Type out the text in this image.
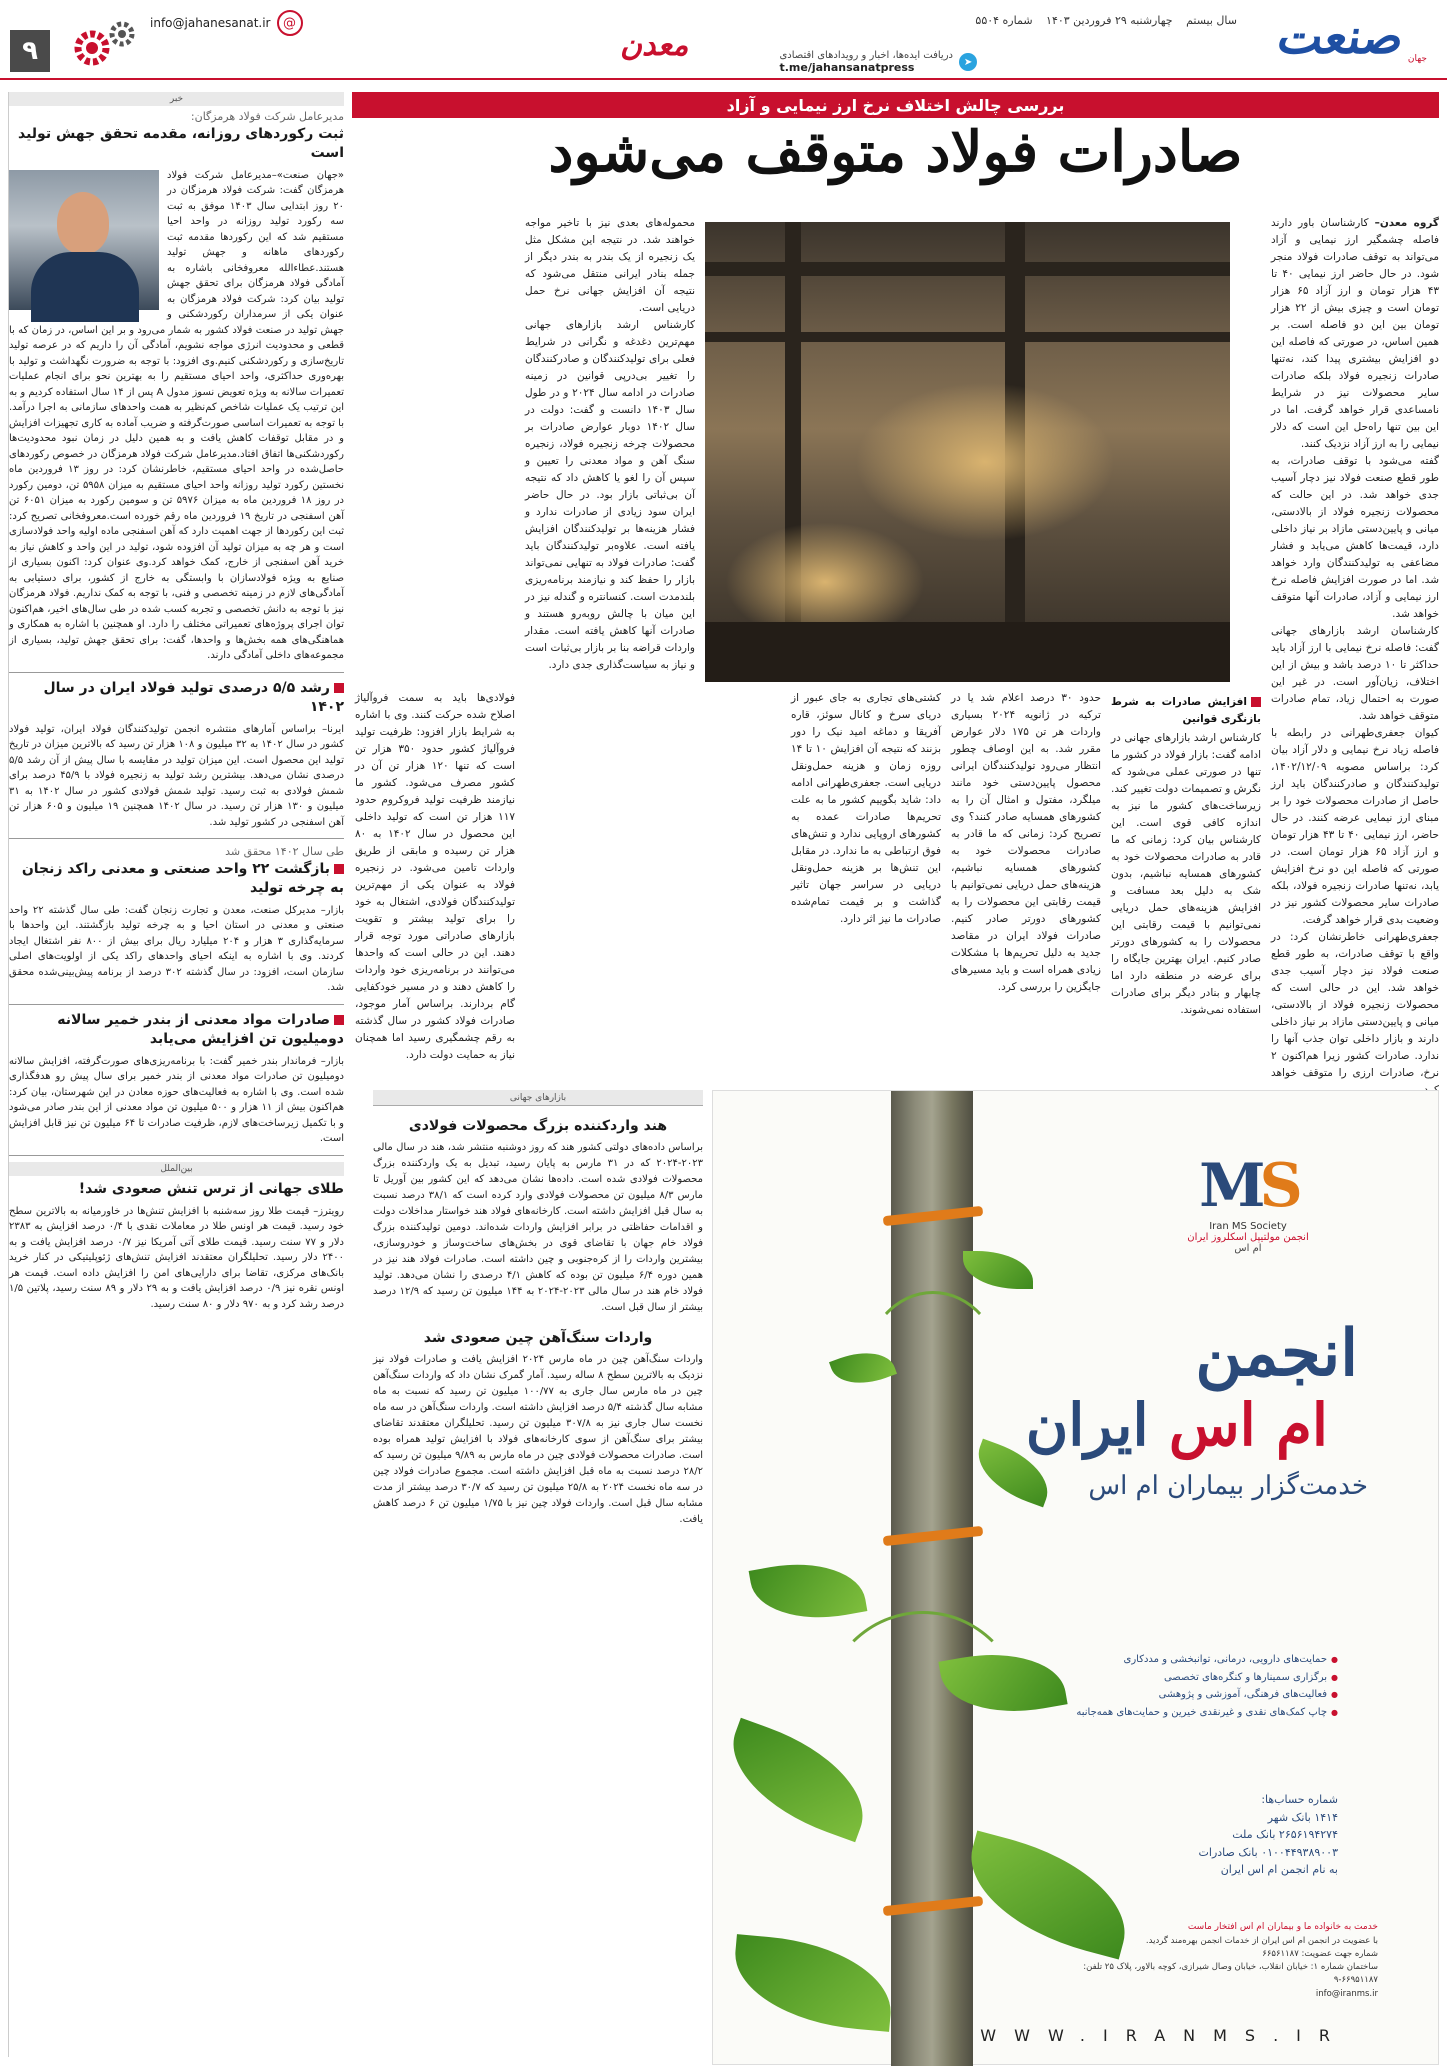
صنعت جهان
سال بیستم چهارشنبه ۲۹ فروردین ۱۴۰۳ شماره ۵۵۰۴
➤
دریافت ایده‌ها، اخبار و رویدادهای اقتصادی
t.me/jahansanatpress
معدن
info@jahanesanat.ir @
۹
خبر
مدیرعامل شرکت فولاد هرمزگان:
ثبت رکوردهای روزانه، مقدمه تحقق جهش تولید است

«جهان صنعت»–مدیرعامل شرکت فولاد هرمزگان گفت: شرکت فولاد هرمزگان در ۲۰ روز ابتدایی سال ۱۴۰۳ موفق به ثبت سه رکورد تولید روزانه در واحد احیا مستقیم شد که این رکوردها مقدمه ثبت رکوردهای ماهانه و جهش تولید هستند.عطاءالله معروفخانی باشاره به آمادگی فولاد هرمزگان برای تحقق جهش تولید بیان کرد: شرکت فولاد هرمزگان به عنوان یکی از سرمداران رکوردشکنی و جهش تولید در صنعت فولاد کشور به شمار می‌رود و بر این اساس، در زمان که با قطعی و محدودیت انرژی مواجه نشویم، آمادگی آن را داریم که در عرصه تولید تاریخ‌سازی و رکوردشکنی کنیم.وی افزود: با توجه به ضرورت نگهداشت و تولید با بهره‌وری حداکثری، واحد احیای مستقیم را به بهترین نحو برای انجام عملیات تعمیرات سالانه به ویژه تعویض نسوز مدول A پس از ۱۴ سال استفاده کردیم و به این ترتیب یک عملیات شاخص کم‌نظیر به همت واحدهای سازمانی به اجرا درآمد. با توجه به تعمیرات اساسی صورت‌گرفته و ضریب آماده به کاری تجهیزات افزایش و در مقابل توقفات کاهش یافت و به همین دلیل در زمان نبود محدودیت‌ها رکوردشکنی‌ها اتفاق افتاد.مدیرعامل شرکت فولاد هرمزگان در خصوص رکوردهای حاصل‌شده در واحد احیای مستقیم، خاطرنشان کرد: در روز ۱۳ فروردین ماه نخستین رکورد تولید روزانه واحد احیای مستقیم به میزان ۵۹۵۸ تن، دومین رکورد در روز ۱۸ فروردین ماه به میزان ۵۹۷۶ تن و سومین رکورد به میزان ۶۰۵۱ تن آهن اسفنجی در تاریخ ۱۹ فروردین ماه رقم خورده است.معروفخانی تصریح کرد: ثبت این رکوردها از جهت اهمیت دارد که آهن اسفنجی ماده اولیه واحد فولادسازی است و هر چه به میزان تولید آن افزوده شود، تولید در این واحد و کاهش نیاز به خرید آهن اسفنجی از خارج، کمک خواهد کرد.وی عنوان کرد: اکنون بسیاری از صنایع به ویژه فولادسازان با وابستگی به خارج از کشور، برای دستیابی به آمادگی‌های لازم در زمینه تخصصی و فنی، با توجه به کمک نداریم. فولاد هرمزگان نیز با توجه به دانش تخصصی و تجربه کسب شده در طی سال‌های اخیر، هم‌اکنون توان اجرای پروژه‌های تعمیراتی مختلف را دارد. او همچنین با اشاره به همکاری و هماهنگی‌های همه بخش‌ها و واحدها، گفت: برای تحقق جهش تولید، بسیاری از مجموعه‌های داخلی آمادگی دارند.

رشد ۵/۵ درصدی تولید فولاد ایران در سال ۱۴۰۲

ایرنا– براساس آمارهای منتشره انجمن تولیدکنندگان فولاد ایران، تولید فولاد کشور در سال ۱۴۰۲ به ۳۲ میلیون و ۱۰۸ هزار تن رسید که بالاترین میزان در تاریخ تولید این محصول است. این میزان تولید در مقایسه با سال پیش از آن رشد ۵/۵ درصدی نشان می‌دهد. بیشترین رشد تولید به زنجیره فولاد با ۴۵/۹ درصد برای شمش فولادی به ثبت رسید. تولید شمش فولادی کشور در سال ۱۴۰۲ به ۳۱ میلیون و ۱۳۰ هزار تن رسید. در سال ۱۴۰۲ همچنین ۱۹ میلیون و ۶۰۵ هزار تن آهن اسفنجی در کشور تولید شد.

طی سال ۱۴۰۲ محقق شد
بازگشت ۲۲ واحد صنعتی و معدنی راکد زنجان به چرخه تولید

بازار– مدیرکل صنعت، معدن و تجارت زنجان گفت: طی سال گذشته ۲۲ واحد صنعتی و معدنی در استان احیا و به چرخه تولید بازگشتند. این واحدها با سرمایه‌گذاری ۳ هزار و ۲۰۴ میلیارد ریال برای بیش از ۸۰۰ نفر اشتغال ایجاد کردند. وی با اشاره به اینکه احیای واحدهای راکد یکی از اولویت‌های اصلی سازمان است، افزود: در سال گذشته ۳۰۲ درصد از برنامه پیش‌بینی‌شده محقق شد.

صادرات مواد معدنی از بندر خمیر سالانه دومیلیون تن افزایش می‌یابد

بازار– فرماندار بندر خمیر گفت: با برنامه‌ریزی‌های صورت‌گرفته، افزایش سالانه دومیلیون تن صادرات مواد معدنی از بندر خمیر برای سال پیش رو هدفگذاری شده است. وی با اشاره به فعالیت‌های حوزه معادن در این شهرستان، بیان کرد: هم‌اکنون بیش از ۱۱ هزار و ۵۰۰ میلیون تن مواد معدنی از این بندر صادر می‌شود و با تکمیل زیرساخت‌های لازم، ظرفیت صادرات تا ۶۴ میلیون تن نیز قابل افزایش است.

بین‌الملل
طلای جهانی از ترس تنش صعودی شد!

رویترز– قیمت طلا روز سه‌شنبه با افزایش تنش‌ها در خاورمیانه به بالاترین سطح خود رسید. قیمت هر اونس طلا در معاملات نقدی با ۰/۴ درصد افزایش به ۲۳۸۳ دلار و ۷۷ سنت رسید. قیمت طلای آتی آمریکا نیز ۰/۷ درصد افزایش یافت و به ۲۴۰۰ دلار رسید. تحلیلگران معتقدند افزایش تنش‌های ژئوپلیتیکی در کنار خرید بانک‌های مرکزی، تقاضا برای دارایی‌های امن را افزایش داده است. قیمت هر اونس نقره نیز ۰/۹ درصد افزایش یافت و به ۲۹ دلار و ۸۹ سنت رسید، پلاتین ۱/۵ درصد رشد کرد و به ۹۷۰ دلار و ۸۰ سنت رسید.

بررسی چالش اختلاف نرخ ارز نیمایی و آزاد
صادرات فولاد متوقف می‌شود
گروه معدن– کارشناسان باور دارند فاصله چشمگیر ارز نیمایی و آزاد می‌تواند به توقف صادرات فولاد منجر شود. در حال حاضر ارز نیمایی ۴۰ تا ۴۳ هزار تومان و ارز آزاد ۶۵ هزار تومان است و چیزی بیش از ۲۲ هزار تومان بین این دو فاصله است. بر همین اساس، در صورتی که فاصله این دو افزایش بیشتری پیدا کند، نه‌تنها صادرات زنجیره فولاد بلکه صادرات سایر محصولات نیز در شرایط نامساعدی قرار خواهد گرفت. اما در این بین تنها راه‌حل این است که دلار نیمایی را به ارز آزاد نزدیک کنند.
گفته می‌شود با توقف صادرات، به طور قطع صنعت فولاد نیز دچار آسیب جدی خواهد شد. در این حالت که محصولات زنجیره فولاد از بالادستی، میانی و پایین‌دستی مازاد بر نیاز داخلی دارد، قیمت‌ها کاهش می‌یابد و فشار مضاعفی به تولیدکنندگان وارد خواهد شد. اما در صورت افزایش فاصله نرخ ارز نیمایی و آزاد، صادرات آنها متوقف خواهد شد.
کارشناسان ارشد بازارهای جهانی گفت: فاصله نرخ نیمایی با ارز آزاد باید حداکثر تا ۱۰ درصد باشد و بیش از این اختلاف، زیان‌آور است. در غیر این صورت به احتمال زیاد، تمام صادرات متوقف خواهد شد.
کیوان جعفری‌طهرانی در رابطه با فاصله زیاد نرخ نیمایی و دلار آزاد بیان کرد: براساس مصوبه ۱۴۰۲/۱۲/۰۹، تولیدکنندگان و صادرکنندگان باید ارز حاصل از صادرات محصولات خود را بر مبنای ارز نیمایی عرضه کنند. در حال حاضر، ارز نیمایی ۴۰ تا ۴۳ هزار تومان و ارز آزاد ۶۵ هزار تومان است. در صورتی که فاصله این دو نرخ افزایش یابد، نه‌تنها صادرات زنجیره فولاد، بلکه صادرات سایر محصولات کشور نیز در وضعیت بدی قرار خواهد گرفت.
جعفری‌طهرانی خاطرنشان کرد: در واقع با توقف صادرات، به طور قطع صنعت فولاد نیز دچار آسیب جدی خواهد شد. این در حالی است که محصولات زنجیره فولاد از بالادستی، میانی و پایین‌دستی مازاد بر نیاز داخلی دارند و بازار داخلی توان جذب آنها را ندارد. صادرات کشور زیرا هم‌اکنون ۲ نرخ، صادرات ارزی را متوقف خواهد
افزایش صادرات به شرط بازنگری قوانین
کارشناس ارشد بازارهای جهانی در ادامه گفت: بازار فولاد در کشور ما تنها در صورتی عملی می‌شود که نگرش و تصمیمات دولت تغییر کند. زیرساخت‌های کشور ما نیز به اندازه کافی قوی است. این کارشناس بیان کرد: زمانی که ما قادر به صادرات محصولات خود به کشورهای همسایه نباشیم، بدون شک به دلیل بعد مسافت و افزایش هزینه‌های حمل دریایی نمی‌توانیم با قیمت رقابتی این محصولات را به کشورهای دورتر صادر کنیم. ایران بهترین جایگاه را برای عرضه در منطقه دارد اما چابهار و بنادر دیگر برای صادرات استفاده نمی‌شوند.
حدود ۳۰ درصد اعلام شد یا در ترکیه در ژانویه ۲۰۲۴ بسیاری واردات هر تن ۱۷۵ دلار عوارض مقرر شد. به این اوصاف چطور انتظار می‌رود تولیدکنندگان ایرانی محصول پایین‌دستی خود مانند میلگرد، مفتول و امثال آن را به کشورهای همسایه صادر کنند؟ وی تصریح کرد: زمانی که ما قادر به صادرات محصولات خود به کشورهای همسایه نباشیم، هزینه‌های حمل دریایی نمی‌توانیم با قیمت رقابتی این محصولات را به کشورهای دورتر صادر کنیم. صادرات فولاد ایران در مقاصد جدید به دلیل تحریم‌ها با مشکلات زیادی همراه است و باید مسیرهای جایگزین را بررسی کرد.
کشتی‌های تجاری به جای عبور از دریای سرخ و کانال سوئز، قاره آفریقا و دماغه امید نیک را دور بزنند که نتیجه آن افزایش ۱۰ تا ۱۴ روزه زمان و هزینه حمل‌ونقل دریایی است. جعفری‌طهرانی ادامه داد: شاید بگوییم کشور ما به علت تحریم‌ها صادرات عمده به کشورهای اروپایی ندارد و تنش‌های فوق ارتباطی به ما ندارد. در مقابل این تنش‌ها بر هزینه حمل‌ونقل دریایی در سراسر جهان تاثیر گذاشت و بر قیمت تمام‌شده صادرات ما نیز اثر دارد.
محموله‌های بعدی نیز با تاخیر مواجه خواهند شد. در نتیجه این مشکل مثل یک زنجیره از یک بندر به بندر دیگر از جمله بنادر ایرانی منتقل می‌شود که نتیجه آن افزایش جهانی نرخ حمل دریایی است.
کارشناس ارشد بازارهای جهانی مهم‌ترین دغدغه و نگرانی در شرایط فعلی برای تولیدکنندگان و صادرکنندگان را تغییر بی‌درپی قوانین در زمینه صادرات در ادامه سال ۲۰۲۴ و در طول سال ۱۴۰۳ دانست و گفت: دولت در سال ۱۴۰۲ دوبار عوارض صادرات بر محصولات چرخه زنجیره فولاد، زنجیره سنگ آهن و مواد معدنی را تعیین و سپس آن را لغو یا کاهش داد که نتیجه آن بی‌ثباتی بازار بود. در حال حاضر ایران سود زیادی از صادرات ندارد و فشار هزینه‌ها بر تولیدکنندگان افزایش یافته است. علاوه‌بر تولیدکنندگان باید گفت: صادرات فولاد به تنهایی نمی‌تواند بازار را حفظ کند و نیازمند برنامه‌ریزی بلندمدت است. کنسانتره و گندله نیز در این میان با چالش روبه‌رو هستند و صادرات آنها کاهش یافته است. مقدار واردات قراضه بنا بر بازار بی‌ثبات است و نیاز به سیاست‌گذاری جدی دارد.
فولادی‌ها باید به سمت فروآلیاژ اصلاح شده حرکت کنند. وی با اشاره به شرایط بازار افزود: ظرفیت تولید فروآلیاژ کشور حدود ۳۵۰ هزار تن است که تنها ۱۲۰ هزار تن آن در کشور مصرف می‌شود. کشور ما نیازمند ظرفیت تولید فروکروم حدود ۱۱۷ هزار تن است که تولید داخلی این محصول در سال ۱۴۰۲ به ۸۰ هزار تن رسیده و مابقی از طریق واردات تامین می‌شود. در زنجیره فولاد به عنوان یکی از مهم‌ترین تولیدکنندگان فولادی، اشتغال به خود را برای تولید بیشتر و تقویت بازارهای صادراتی مورد توجه قرار دهند. این در حالی است که واحدها می‌توانند در برنامه‌ریزی خود واردات را کاهش دهند و در مسیر خودکفایی گام بردارند. براساس آمار موجود، صادرات فولاد کشور در سال گذشته به رقم چشمگیری رسید اما همچنان نیاز به حمایت دولت دارد.
بازارهای جهانی
هند واردکننده بزرگ محصولات فولادی

براساس داده‌های دولتی کشور هند که روز دوشنبه منتشر شد، هند در سال مالی ۲۰۲۳-۲۰۲۴ که در ۳۱ مارس به پایان رسید، تبدیل به یک واردکننده بزرگ محصولات فولادی شده است. داده‌ها نشان می‌دهد که این کشور بین آوریل تا مارس ۸/۳ میلیون تن محصولات فولادی وارد کرده است که ۳۸/۱ درصد نسبت به سال قبل افزایش داشته است. کارخانه‌های فولاد هند خواستار مداخلات دولت و اقدامات حفاظتی در برابر افزایش واردات شده‌اند. دومین تولیدکننده بزرگ فولاد خام جهان با تقاضای قوی در بخش‌های ساخت‌وساز و خودروسازی، بیشترین واردات را از کره‌جنوبی و چین داشته است. صادرات فولاد هند نیز در همین دوره ۶/۴ میلیون تن بوده که کاهش ۴/۱ درصدی را نشان می‌دهد. تولید فولاد خام هند در سال مالی ۲۰۲۳-۲۰۲۴ به ۱۴۴ میلیون تن رسید که ۱۲/۹ درصد بیشتر از سال قبل است.

واردات سنگ‌آهن چین صعودی شد

واردات سنگ‌آهن چین در ماه مارس ۲۰۲۴ افزایش یافت و صادرات فولاد نیز نزدیک به بالاترین سطح ۸ ساله رسید. آمار گمرک نشان داد که واردات سنگ‌آهن چین در ماه مارس سال جاری به ۱۰۰/۷۷ میلیون تن رسید که نسبت به ماه مشابه سال گذشته ۵/۴ درصد افزایش داشته است. واردات سنگ‌آهن در سه ماه نخست سال جاری نیز به ۳۰۷/۸ میلیون تن رسید. تحلیلگران معتقدند تقاضای بیشتر برای سنگ‌آهن از سوی کارخانه‌های فولاد با افزایش تولید همراه بوده است. صادرات محصولات فولادی چین در ماه مارس به ۹/۸۹ میلیون تن رسید که ۲۸/۲ درصد نسبت به ماه قبل افزایش داشته است. مجموع صادرات فولاد چین در سه ماه نخست ۲۰۲۴ به ۲۵/۸ میلیون تن رسید که ۳۰/۷ درصد بیشتر از مدت مشابه سال قبل است. واردات فولاد چین نیز با ۱/۷۵ میلیون تن ۶ درصد کاهش یافت.

MS
Iran MS Society
انجمن مولتیپل اسکلروز ایران
ام اس
انجمن
ام اس ایران
خدمت‌گزار بیماران ام اس
● حمایت‌های دارویی، درمانی، توانبخشی و مددکاری
● برگزاری سمینارها و کنگره‌های تخصصی
● فعالیت‌های فرهنگی، آموزشی و پژوهشی
● چاپ کمک‌های نقدی و غیرنقدی خیرین و حمایت‌های همه‌جانبه
شماره حساب‌ها:
۱۴۱۴ بانک شهر
۲۶۵۶۱۹۴۲۷۴ بانک ملت
۰۱۰۰۴۴۹۳۸۹۰۰۳ بانک صادرات
به نام انجمن ام اس ایران
خدمت به خانواده ما و بیماران ام اس افتخار ماست
با عضویت در انجمن ام اس ایران از خدمات انجمن بهره‌مند گردید.
شماره جهت عضویت: ۶۶۵۶۱۱۸۷
ساختمان شماره ۱: خیابان انقلاب، خیابان وصال شیرازی، کوچه بالاور، پلاک ۲۵ تلفن: ۶۶۹۵۱۱۸۷-۹
info@iranms.ir
WWW.IRANMS.IR
